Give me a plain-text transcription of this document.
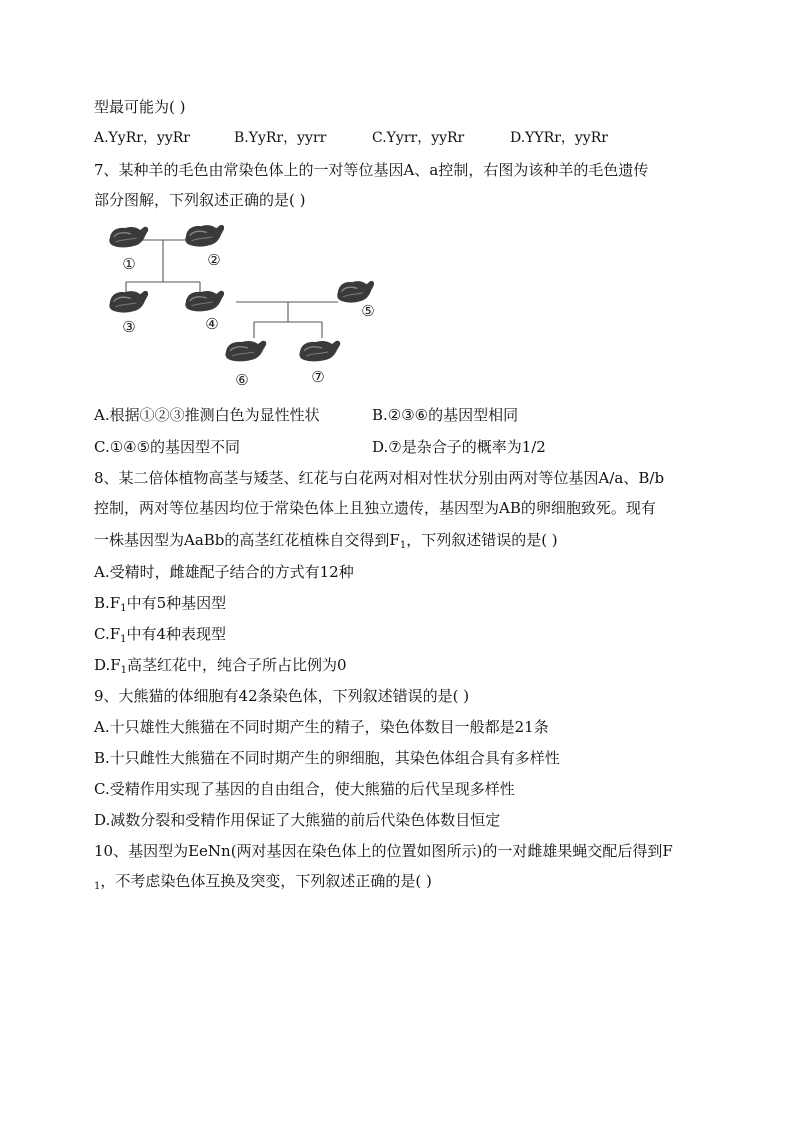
型最可能为( )
A.YyRr，yyRr	B.YyRr，yyrr	C.Yyrr，yyRr	D.YYRr，yyRr
7、某种羊的毛色由常染色体上的一对等位基因A、a控制，右图为该种羊的毛色遗传
部分图解，下列叙述正确的是( )
①	②
③	④
⑤
⑥	⑦
A.根据①②③推测白色为显性性状	B.②③⑥的基因型相同
C.①④⑤的基因型不同	D.⑦是杂合子的概率为1/2
8、某二倍体植物高茎与矮茎、红花与白花两对相对性状分别由两对等位基因A/a、B/b
控制，两对等位基因均位于常染色体上且独立遗传，基因型为AB的卵细胞致死。现有
一株基因型为AaBb的高茎红花植株自交得到$F_1$，下列叙述错误的是( )
A.受精时，雌雄配子结合的方式有12种
$B.F_1$中有5种基因型
$C.F_1$中有4种表现型
$D.F_1$高茎红花中，纯合子所占比例为0
9、大熊猫的体细胞有42条染色体，下列叙述错误的是( )
A.十只雄性大熊猫在不同时期产生的精子，染色体数目一般都是21条
B.十只雌性大熊猫在不同时期产生的卵细胞，其染色体组合具有多样性
C.受精作用实现了基因的自由组合，使大熊猫的后代呈现多样性
D.减数分裂和受精作用保证了大熊猫的前后代染色体数目恒定
10、基因型为EeNn(两对基因在染色体上的位置如图所示)的一对雌雄果蝇交配后得到F
$_1$，不考虑染色体互换及突变，下列叙述正确的是( )
